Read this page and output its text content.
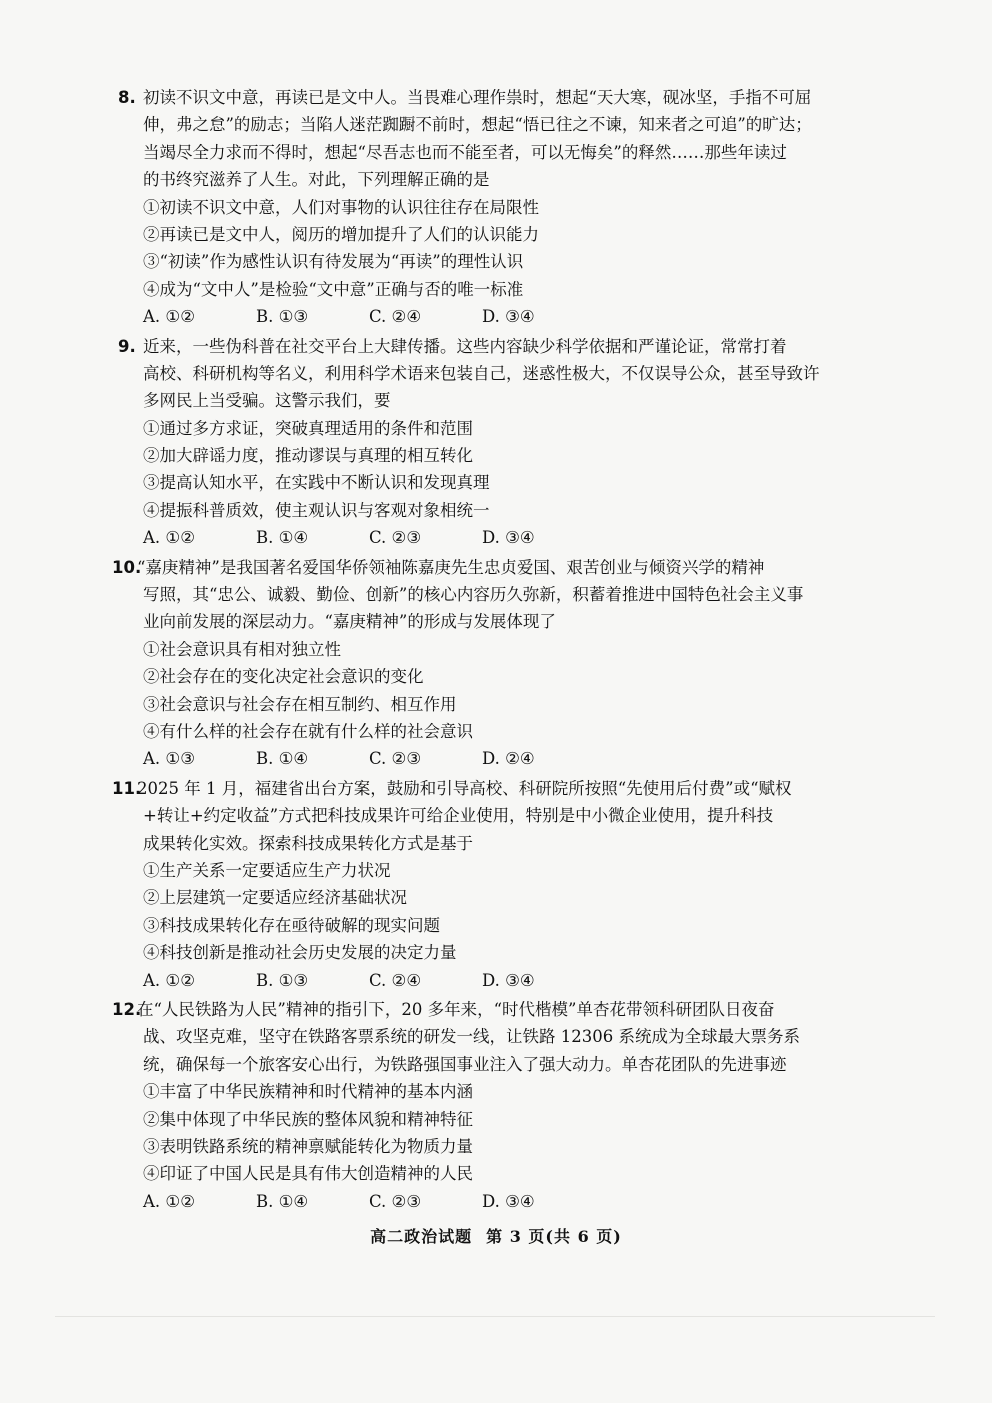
8. 初读不识文中意，再读已是文中人。当畏难心理作祟时，想起“天大寒，砚冰坚，手指不可屈
伸，弗之怠”的励志；当陷人迷茫踟蹰不前时，想起“悟已往之不谏，知来者之可追”的旷达；
当竭尽全力求而不得时，想起“尽吾志也而不能至者，可以无悔矣”的释然……那些年读过
的书终究滋养了人生。对此，下列理解正确的是
①初读不识文中意，人们对事物的认识往往存在局限性
②再读已是文中人，阅历的增加提升了人们的认识能力
③“初读”作为感性认识有待发展为“再读”的理性认识
④成为“文中人”是检验“文中意”正确与否的唯一标准
A. ①②	B. ①③	C. ②④	D. ③④
9. 近来，一些伪科普在社交平台上大肆传播。这些内容缺少科学依据和严谨论证，常常打着
高校、科研机构等名义，利用科学术语来包装自己，迷惑性极大，不仅误导公众，甚至导致许
多网民上当受骗。这警示我们，要
①通过多方求证，突破真理适用的条件和范围
②加大辟谣力度，推动谬误与真理的相互转化
③提高认知水平，在实践中不断认识和发现真理
④提振科普质效，使主观认识与客观对象相统一
A. ①②	B. ①④	C. ②③	D. ③④
10.“嘉庚精神”是我国著名爱国华侨领袖陈嘉庚先生忠贞爱国、艰苦创业与倾资兴学的精神
写照，其“忠公、诚毅、勤俭、创新”的核心内容历久弥新，积蓄着推进中国特色社会主义事
业向前发展的深层动力。“嘉庚精神”的形成与发展体现了
①社会意识具有相对独立性
②社会存在的变化决定社会意识的变化
③社会意识与社会存在相互制约、相互作用
④有什么样的社会存在就有什么样的社会意识
A. ①③	B. ①④	C. ②③	D. ②④
11.2025 年 1 月，福建省出台方案，鼓励和引导高校、科研院所按照“先使用后付费”或“赋权
+转让+约定收益”方式把科技成果许可给企业使用，特别是中小微企业使用，提升科技
成果转化实效。探索科技成果转化方式是基于
①生产关系一定要适应生产力状况
②上层建筑一定要适应经济基础状况
③科技成果转化存在亟待破解的现实问题
④科技创新是推动社会历史发展的决定力量
A. ①②	B. ①③	C. ②④	D. ③④
12.在“人民铁路为人民”精神的指引下，20 多年来，“时代楷模”单杏花带领科研团队日夜奋
战、攻坚克难，坚守在铁路客票系统的研发一线，让铁路 12306 系统成为全球最大票务系
统，确保每一个旅客安心出行，为铁路强国事业注入了强大动力。单杏花团队的先进事迹
①丰富了中华民族精神和时代精神的基本内涵
②集中体现了中华民族的整体风貌和精神特征
③表明铁路系统的精神禀赋能转化为物质力量
④印证了中国人民是具有伟大创造精神的人民
A. ①②	B. ①④	C. ②③	D. ③④
高二政治试题 第 3 页(共 6 页)
